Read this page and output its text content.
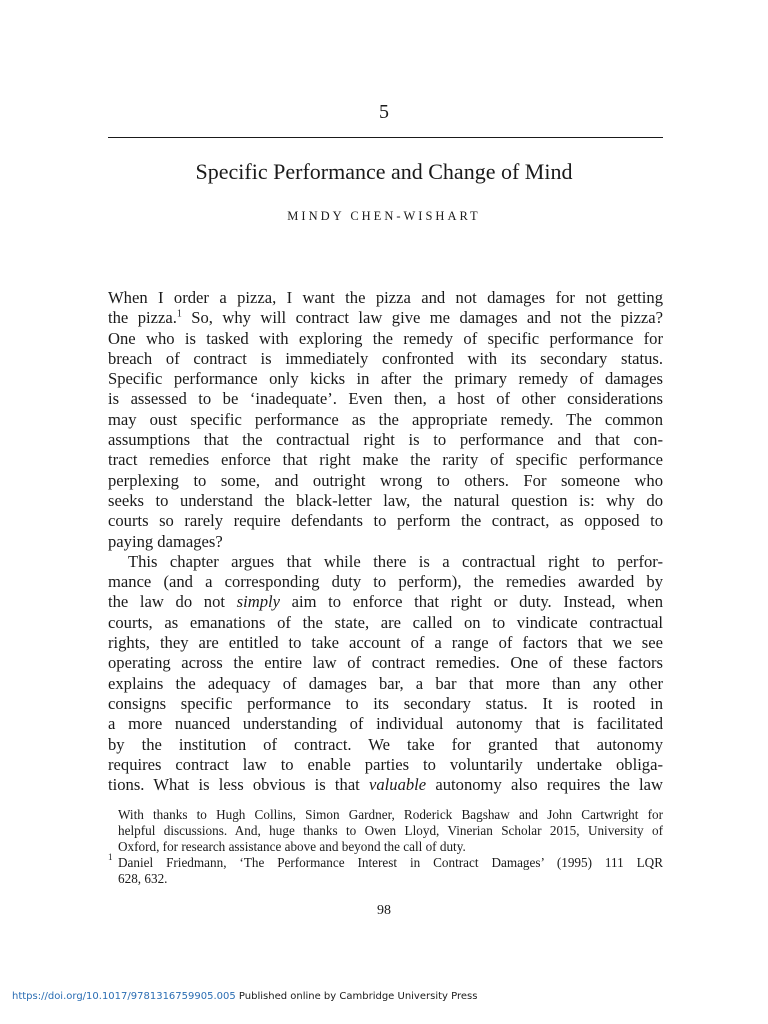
5
Specific Performance and Change of Mind
MINDY CHEN-WISHART
When I order a pizza, I want the pizza and not damages for not getting
the pizza.$^1$ So, why will contract law give me damages and not the pizza?
One who is tasked with exploring the remedy of specific performance for
breach of contract is immediately confronted with its secondary status.
Specific performance only kicks in after the primary remedy of damages
is assessed to be ‘inadequate’. Even then, a host of other considerations
may oust specific performance as the appropriate remedy. The common
assumptions that the contractual right is to performance and that con-
tract remedies enforce that right make the rarity of specific performance
perplexing to some, and outright wrong to others. For someone who
seeks to understand the black-letter law, the natural question is: why do
courts so rarely require defendants to perform the contract, as opposed to
paying damages?
This chapter argues that while there is a contractual right to perfor-
mance (and a corresponding duty to perform), the remedies awarded by
the law do not simply aim to enforce that right or duty. Instead, when
courts, as emanations of the state, are called on to vindicate contractual
rights, they are entitled to take account of a range of factors that we see
operating across the entire law of contract remedies. One of these factors
explains the adequacy of damages bar, a bar that more than any other
consigns specific performance to its secondary status. It is rooted in
a more nuanced understanding of individual autonomy that is facilitated
by the institution of contract. We take for granted that autonomy
requires contract law to enable parties to voluntarily undertake obliga-
tions. What is less obvious is that valuable autonomy also requires the law
With thanks to Hugh Collins, Simon Gardner, Roderick Bagshaw and John Cartwright for
helpful discussions. And, huge thanks to Owen Lloyd, Vinerian Scholar 2015, University of
Oxford, for research assistance above and beyond the call of duty.
1 Daniel Friedmann, ‘The Performance Interest in Contract Damages’ (1995) 111 LQR
628, 632.
98
https://doi.org/10.1017/9781316759905.005 Published online by Cambridge University Press
